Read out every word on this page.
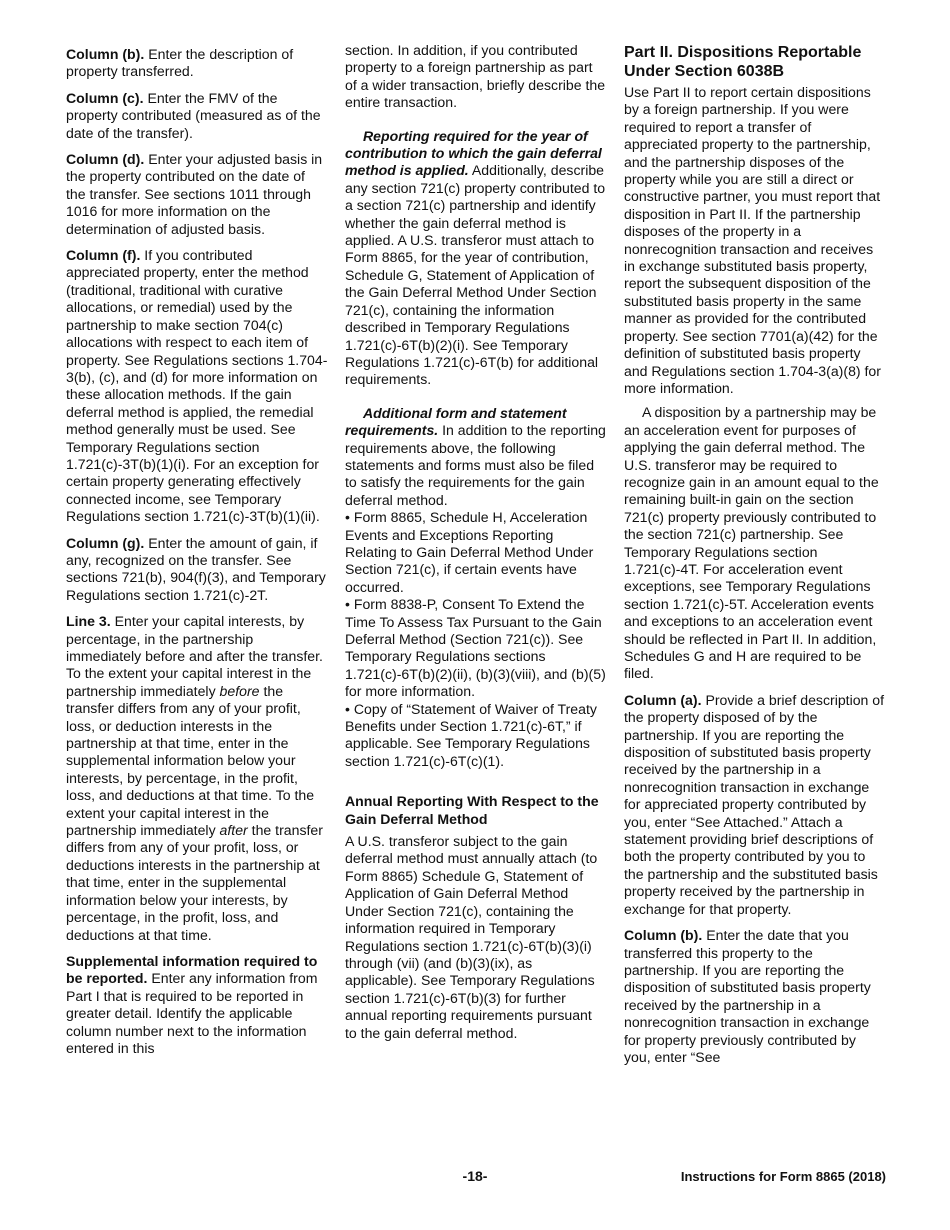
Column (b). Enter the description of property transferred.

Column (c). Enter the FMV of the property contributed (measured as of the date of the transfer).

Column (d). Enter your adjusted basis in the property contributed on the date of the transfer. See sections 1011 through 1016 for more information on the determination of adjusted basis.

Column (f). If you contributed appreciated property, enter the method (traditional, traditional with curative allocations, or remedial) used by the partnership to make section 704(c) allocations with respect to each item of property. See Regulations sections 1.704-3(b), (c), and (d) for more information on these allocation methods. If the gain deferral method is applied, the remedial method generally must be used. See Temporary Regulations section 1.721(c)-3T(b)(1)(i). For an exception for certain property generating effectively connected income, see Temporary Regulations section 1.721(c)-3T(b)(1)(ii).

Column (g). Enter the amount of gain, if any, recognized on the transfer. See sections 721(b), 904(f)(3), and Temporary Regulations section 1.721(c)-2T.

Line 3. Enter your capital interests, by percentage, in the partnership immediately before and after the transfer. To the extent your capital interest in the partnership immediately before the transfer differs from any of your profit, loss, or deduction interests in the partnership at that time, enter in the supplemental information below your interests, by percentage, in the profit, loss, and deductions at that time. To the extent your capital interest in the partnership immediately after the transfer differs from any of your profit, loss, or deductions interests in the partnership at that time, enter in the supplemental information below your interests, by percentage, in the profit, loss, and deductions at that time.

Supplemental information required to be reported. Enter any information from Part I that is required to be reported in greater detail. Identify the applicable column number next to the information entered in this

section. In addition, if you contributed property to a foreign partnership as part of a wider transaction, briefly describe the entire transaction.

Reporting required for the year of contribution to which the gain deferral method is applied. Additionally, describe any section 721(c) property contributed to a section 721(c) partnership and identify whether the gain deferral method is applied. A U.S. transferor must attach to Form 8865, for the year of contribution, Schedule G, Statement of Application of the Gain Deferral Method Under Section 721(c), containing the information described in Temporary Regulations 1.721(c)-6T(b)(2)(i). See Temporary Regulations 1.721(c)-6T(b) for additional requirements.

Additional form and statement requirements. In addition to the reporting requirements above, the following statements and forms must also be filed to satisfy the requirements for the gain deferral method.

• Form 8865, Schedule H, Acceleration Events and Exceptions Reporting Relating to Gain Deferral Method Under Section 721(c), if certain events have occurred.

• Form 8838-P, Consent To Extend the Time To Assess Tax Pursuant to the Gain Deferral Method (Section 721(c)). See Temporary Regulations sections 1.721(c)-6T(b)(2)(ii), (b)(3)(viii), and (b)(5) for more information.

• Copy of “Statement of Waiver of Treaty Benefits under Section 1.721(c)-6T,” if applicable. See Temporary Regulations section 1.721(c)-6T(c)(1).

Annual Reporting With Respect to the Gain Deferral Method

A U.S. transferor subject to the gain deferral method must annually attach (to Form 8865) Schedule G, Statement of Application of Gain Deferral Method Under Section 721(c), containing the information required in Temporary Regulations section 1.721(c)-6T(b)(3)(i) through (vii) (and (b)(3)(ix), as applicable). See Temporary Regulations section 1.721(c)-6T(b)(3) for further annual reporting requirements pursuant to the gain deferral method.

Part II. Dispositions Reportable Under Section 6038B

Use Part II to report certain dispositions by a foreign partnership. If you were required to report a transfer of appreciated property to the partnership, and the partnership disposes of the property while you are still a direct or constructive partner, you must report that disposition in Part II. If the partnership disposes of the property in a nonrecognition transaction and receives in exchange substituted basis property, report the subsequent disposition of the substituted basis property in the same manner as provided for the contributed property. See section 7701(a)(42) for the definition of substituted basis property and Regulations section 1.704-3(a)(8) for more information.

A disposition by a partnership may be an acceleration event for purposes of applying the gain deferral method. The U.S. transferor may be required to recognize gain in an amount equal to the remaining built-in gain on the section 721(c) property previously contributed to the section 721(c) partnership. See Temporary Regulations section 1.721(c)-4T. For acceleration event exceptions, see Temporary Regulations section 1.721(c)-5T. Acceleration events and exceptions to an acceleration event should be reflected in Part II. In addition, Schedules G and H are required to be filed.

Column (a). Provide a brief description of the property disposed of by the partnership. If you are reporting the disposition of substituted basis property received by the partnership in a nonrecognition transaction in exchange for appreciated property contributed by you, enter “See Attached.” Attach a statement providing brief descriptions of both the property contributed by you to the partnership and the substituted basis property received by the partnership in exchange for that property.

Column (b). Enter the date that you transferred this property to the partnership. If you are reporting the disposition of substituted basis property received by the partnership in a nonrecognition transaction in exchange for property previously contributed by you, enter “See

-18-	Instructions for Form 8865 (2018)
